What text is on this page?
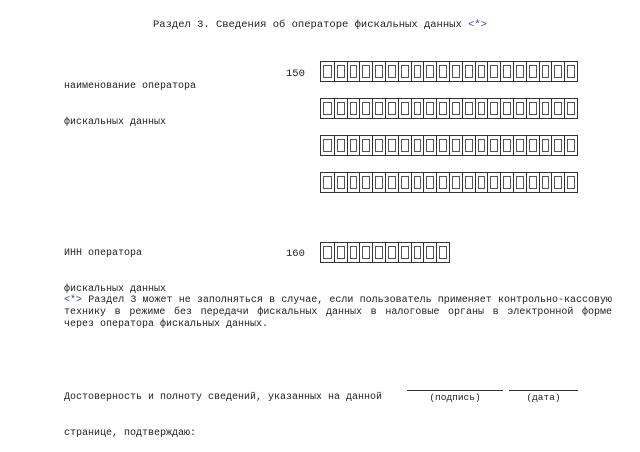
Раздел 3. Сведения об операторе фискальных данных <*>

наименование оператора

фискальных данных

150

ИНН оператора

фискальных данных

160
<*> Раздел 3 может не заполняться в случае, если пользователь применяет контрольно-кассовую технику в режиме без передачи фискальных данных в налоговые органы в электронной форме через оператора фискальных данных.

Достоверность и полноту сведений, указанных на данной

странице, подтверждаю:

(подпись)	(дата)
